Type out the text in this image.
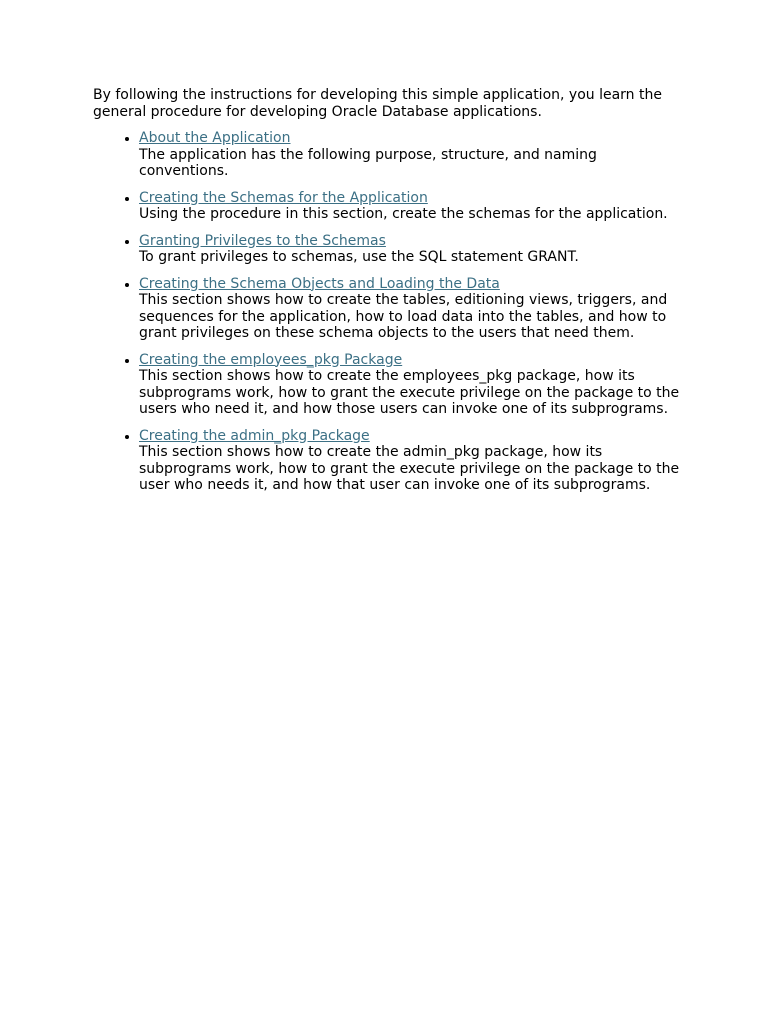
By following the instructions for developing this simple application, you learn the general procedure for developing Oracle Database applications.

• About the Application
The application has the following purpose, structure, and naming conventions.
• Creating the Schemas for the Application
Using the procedure in this section, create the schemas for the application.
• Granting Privileges to the Schemas
To grant privileges to schemas, use the SQL statement GRANT.
• Creating the Schema Objects and Loading the Data
This section shows how to create the tables, editioning views, triggers, and sequences for the application, how to load data into the tables, and how to grant privileges on these schema objects to the users that need them.
• Creating the employees_pkg Package
This section shows how to create the employees_pkg package, how its subprograms work, how to grant the execute privilege on the package to the users who need it, and how those users can invoke one of its subprograms.
• Creating the admin_pkg Package
This section shows how to create the admin_pkg package, how its subprograms work, how to grant the execute privilege on the package to the user who needs it, and how that user can invoke one of its subprograms.
